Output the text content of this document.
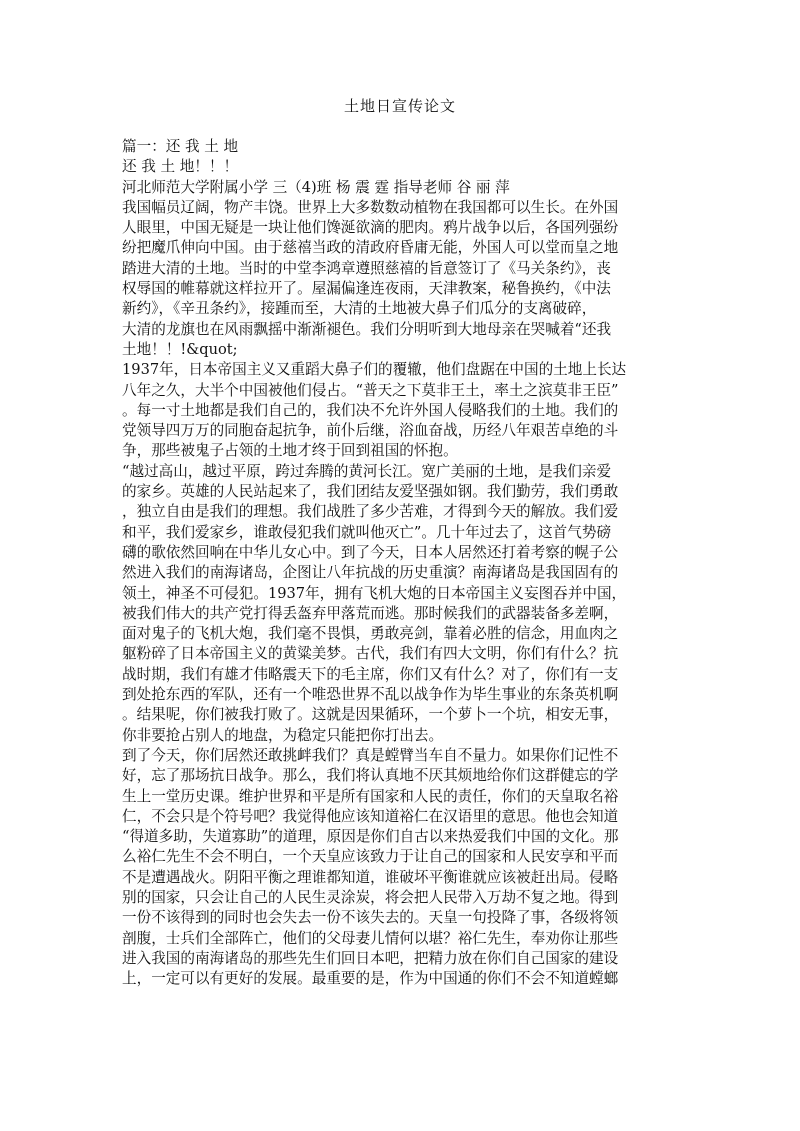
土地日宣传论文
篇一：还 我 土 地
还 我 土 地！！！
河北师范大学附属小学 三（4)班 杨 震 霆 指导老师 谷 丽 萍
我国幅员辽阔，物产丰饶。世界上大多数数动植物在我国都可以生长。在外国
人眼里，中国无疑是一块让他们馋涎欲滴的肥肉。鸦片战争以后，各国列强纷
纷把魔爪伸向中国。由于慈禧当政的清政府昏庸无能，外国人可以堂而皇之地
踏进大清的土地。当时的中堂李鸿章遵照慈禧的旨意签订了《马关条约》，丧
权辱国的帷幕就这样拉开了。屋漏偏逢连夜雨，天津教案，秘鲁换约，《中法
新约》，《辛丑条约》，接踵而至，大清的土地被大鼻子们瓜分的支离破碎，
大清的龙旗也在风雨飘摇中渐渐褪色。我们分明听到大地母亲在哭喊着“还我
土地！！!&quot;
1937年，日本帝国主义又重蹈大鼻子们的覆辙，他们盘踞在中国的土地上长达
八年之久，大半个中国被他们侵占。“普天之下莫非王土，率土之滨莫非王臣”
。每一寸土地都是我们自己的，我们决不允许外国人侵略我们的土地。我们的
党领导四万万的同胞奋起抗争，前仆后继，浴血奋战，历经八年艰苦卓绝的斗
争，那些被鬼子占领的土地才终于回到祖国的怀抱。
“越过高山，越过平原，跨过奔腾的黄河长江。宽广美丽的土地，是我们亲爱
的家乡。英雄的人民站起来了，我们团结友爱坚强如钢。我们勤劳，我们勇敢
，独立自由是我们的理想。我们战胜了多少苦难，才得到今天的解放。我们爱
和平，我们爱家乡，谁敢侵犯我们就叫他灭亡”。几十年过去了，这首气势磅
礴的歌依然回响在中华儿女心中。到了今天，日本人居然还打着考察的幌子公
然进入我们的南海诸岛，企图让八年抗战的历史重演？南海诸岛是我国固有的
领土，神圣不可侵犯。1937年，拥有飞机大炮的日本帝国主义妄图吞并中国，
被我们伟大的共产党打得丢盔弃甲落荒而逃。那时候我们的武器装备多差啊，
面对鬼子的飞机大炮，我们毫不畏惧，勇敢亮剑，靠着必胜的信念，用血肉之
躯粉碎了日本帝国主义的黄粱美梦。古代，我们有四大文明，你们有什么？抗
战时期，我们有雄才伟略震天下的毛主席，你们又有什么？对了，你们有一支
到处抢东西的军队，还有一个唯恐世界不乱以战争作为毕生事业的东条英机啊
。结果呢，你们被我打败了。这就是因果循环，一个萝卜一个坑，相安无事，
你非要抢占别人的地盘，为稳定只能把你打出去。
到了今天，你们居然还敢挑衅我们？真是螳臂当车自不量力。如果你们记性不
好，忘了那场抗日战争。那么，我们将认真地不厌其烦地给你们这群健忘的学
生上一堂历史课。维护世界和平是所有国家和人民的责任，你们的天皇取名裕
仁，不会只是个符号吧？我觉得他应该知道裕仁在汉语里的意思。他也会知道
“得道多助，失道寡助”的道理，原因是你们自古以来热爱我们中国的文化。那
么裕仁先生不会不明白，一个天皇应该致力于让自己的国家和人民安享和平而
不是遭遇战火。阴阳平衡之理谁都知道，谁破坏平衡谁就应该被赶出局。侵略
别的国家，只会让自己的人民生灵涂炭，将会把人民带入万劫不复之地。得到
一份不该得到的同时也会失去一份不该失去的。天皇一句投降了事，各级将领
剖腹，士兵们全部阵亡，他们的父母妻儿情何以堪？裕仁先生，奉劝你让那些
进入我国的南海诸岛的那些先生们回日本吧，把精力放在你们自己国家的建设
上，一定可以有更好的发展。最重要的是，作为中国通的你们不会不知道螳螂
